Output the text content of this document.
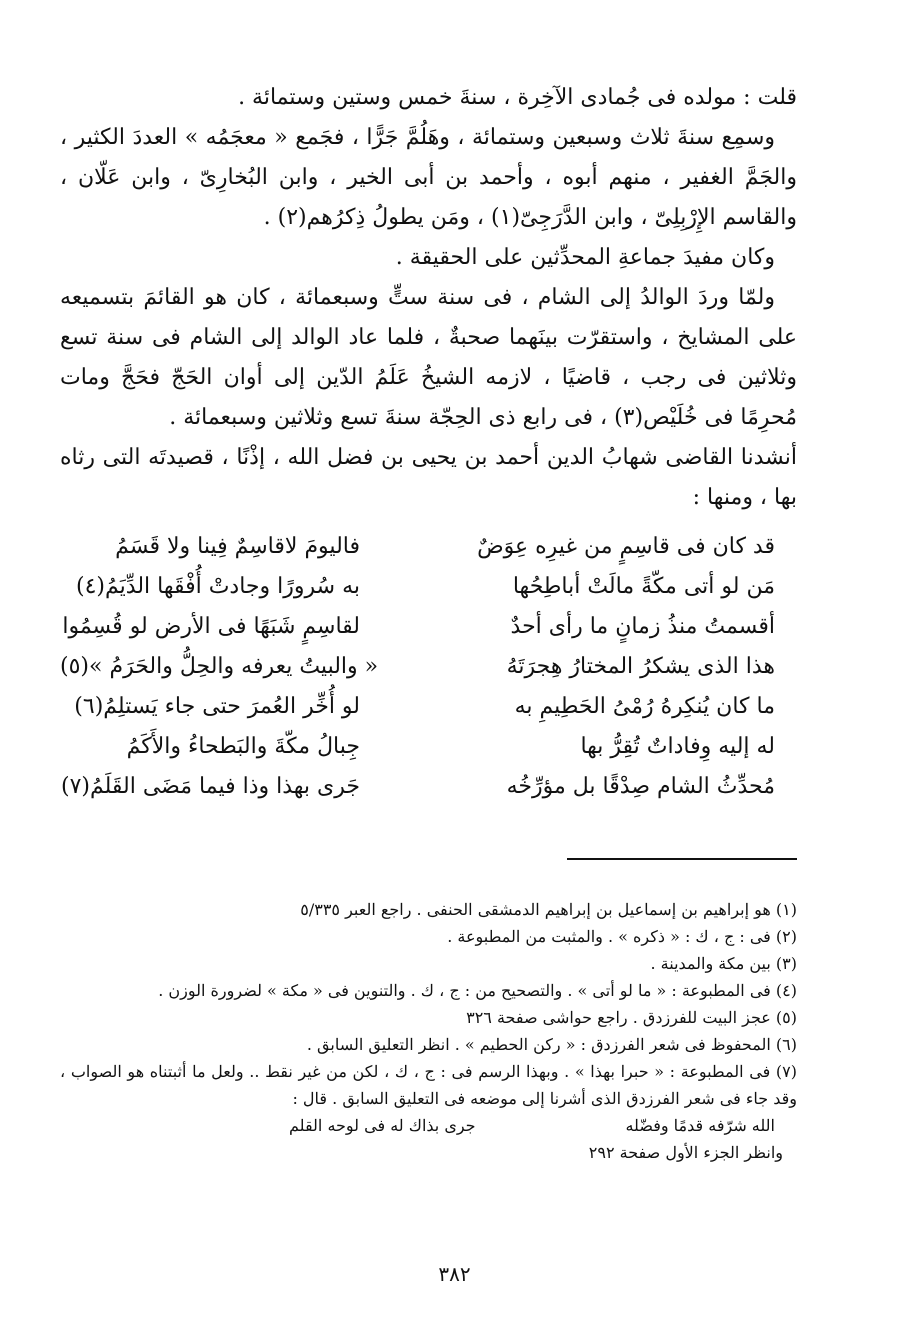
قلت : مولده فى جُمادى الآخِرة ، سنةَ خمس وستين وستمائة .

وسمِع سنةَ ثلاث وسبعين وستمائة ، وهَلُمَّ جَرًّا ، فجَمع « معجَمُه » العددَ الكثير ، والجَمَّ الغفير ، منهم أبوه ، وأحمد بن أبى الخير ، وابن البُخارِىّ ، وابن عَلّان ، والقاسم الإِرْبِلِىّ ، وابن الدَّرَجِىّ(١) ، ومَن يطولُ ذِكرُهم(٢) .

وكان مفيدَ جماعةِ المحدِّثين على الحقيقة .

ولمّا وردَ الوالدُ إلى الشام ، فى سنة ستٍّ وسبعمائة ، كان هو القائمَ بتسميعه على المشايخ ، واستقرّت بينَهما صحبةٌ ، فلما عاد الوالد إلى الشام فى سنة تسع وثلاثين فى رجب ، قاضيًا ، لازمه الشيخُ عَلَمُ الدّين إلى أوان الحَجّ فحَجَّ ومات مُحرِمًا فى خُلَيْص(٣) ، فى رابع ذى الحِجّة سنةَ تسع وثلاثين وسبعمائة .

أنشدنا القاضى شهابُ الدين أحمد بن يحيى بن فضل الله ، إذْنًا ، قصيدتَه التى رثاه بها ، ومنها :

قد كان فى قاسِمٍ من غيرِه عِوَضٌ
فاليومَ لاقاسِمٌ فِينا ولا قَسَمُ
مَن لو أتى مكّةً مالَتْ أباطِحُها
به سُرورًا وجادتْ أُفْقَها الدِّيَمُ(٤)
أقسمتُ منذُ زمانٍ ما رأى أحدٌ
لقاسِمٍ شَبَهًا فى الأرض لو قُسِمُوا
هذا الذى يشكرُ المختارُ هِجرَتَهُ
« والبيتُ يعرفه والحِلُّ والحَرَمُ »(٥)
ما كان يُنكِرهُ رُمْىُ الحَطِيمِ به
لو أُخِّر العُمرَ حتى جاء يَستلِمُ(٦)
له إليه وِفاداتٌ تُقِرُّ بها
جِبالُ مكّةَ والبَطحاءُ والأَكَمُ
مُحدِّثُ الشام صِدْقًا بل مؤرِّخُه
جَرى بهذا وذا فيما مَضَى القَلَمُ(٧)

(١) هو إبراهيم بن إسماعيل بن إبراهيم الدمشقى الحنفى . راجع العبر ٥/٣٣٥

(٢) فى : ج ، ك : « ذكره » . والمثبت من المطبوعة .

(٣) بين مكة والمدينة .

(٤) فى المطبوعة : « ما لو أتى » . والتصحيح من : ج ، ك . والتنوين فى « مكة » لضرورة الوزن .

(٥) عجز البيت للفرزدق . راجع حواشى صفحة ٣٢٦

(٦) المحفوظ فى شعر الفرزدق : « ركن الحطيم » . انظر التعليق السابق .

(٧) فى المطبوعة : « حبرا بهذا » . وبهذا الرسم فى : ج ، ك ، لكن من غير نقط .. ولعل ما أثبتناه هو الصواب ، وقد جاء فى شعر الفرزدق الذى أشرنا إلى موضعه فى التعليق السابق . قال :

الله شرّفه قدمًا وفضّله
جرى بذاك له فى لوحه القلم

وانظر الجزء الأول صفحة ٢٩٢

٣٨٢
